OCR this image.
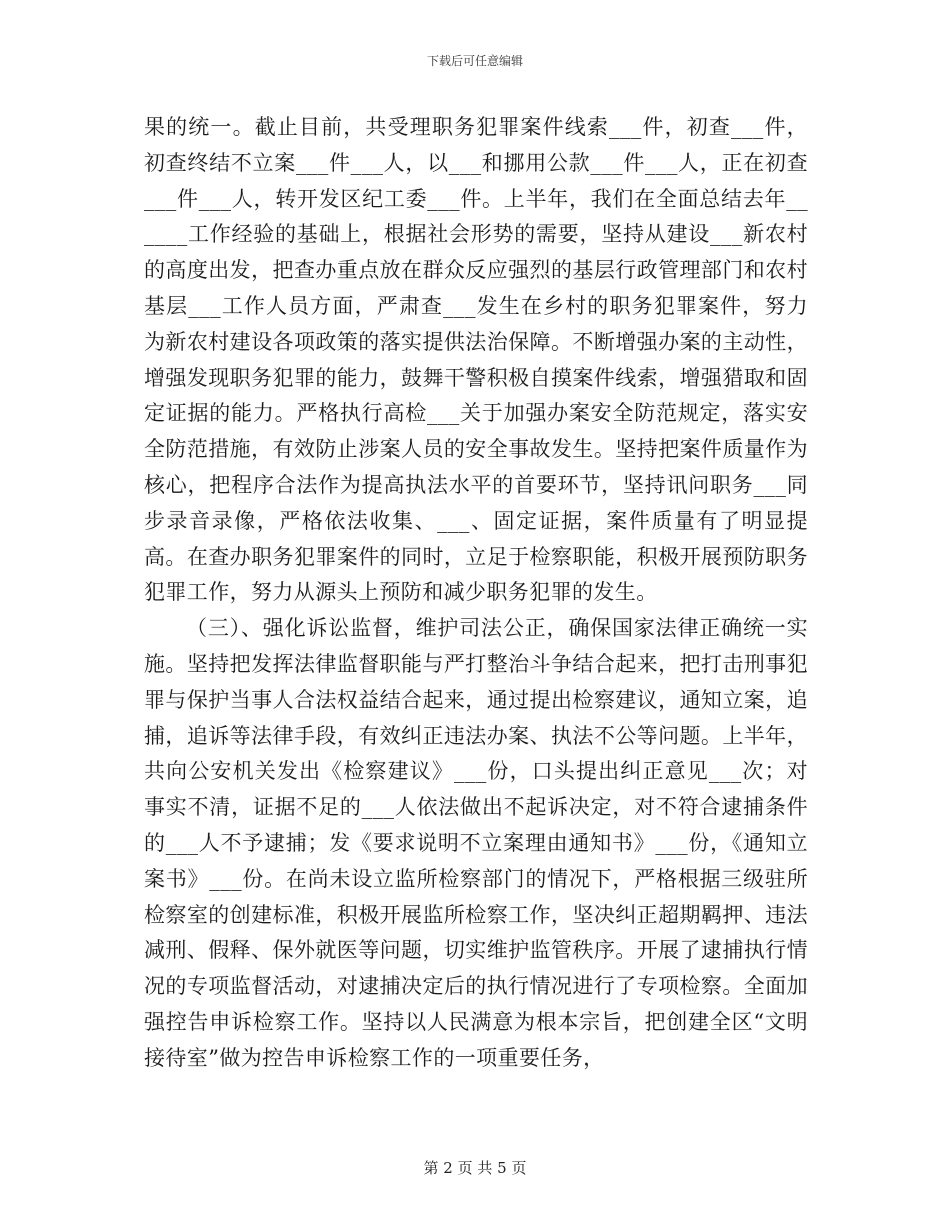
下载后可任意编辑

果的统一。截止目前，共受理职务犯罪案件线索___件，初查___件，初查终结不立案___件___人，以___和挪用公款___件___人，正在初查___件___人，转开发区纪工委___件。上半年，我们在全面总结去年______工作经验的基础上，根据社会形势的需要，坚持从建设___新农村的高度出发，把查办重点放在群众反应强烈的基层行政管理部门和农村基层___工作人员方面，严肃查___发生在乡村的职务犯罪案件，努力为新农村建设各项政策的落实提供法治保障。不断增强办案的主动性，增强发现职务犯罪的能力，鼓舞干警积极自摸案件线索，增强猎取和固定证据的能力。严格执行高检___关于加强办案安全防范规定，落实安全防范措施，有效防止涉案人员的安全事故发生。坚持把案件质量作为核心，把程序合法作为提高执法水平的首要环节，坚持讯问职务___同步录音录像，严格依法收集、___、固定证据，案件质量有了明显提高。在查办职务犯罪案件的同时，立足于检察职能，积极开展预防职务犯罪工作，努力从源头上预防和减少职务犯罪的发生。

（三）、强化诉讼监督，维护司法公正，确保国家法律正确统一实施。坚持把发挥法律监督职能与严打整治斗争结合起来，把打击刑事犯罪与保护当事人合法权益结合起来，通过提出检察建议，通知立案，追捕，追诉等法律手段，有效纠正违法办案、执法不公等问题。上半年，共向公安机关发出《检察建议》___份，口头提出纠正意见___次；对事实不清，证据不足的___人依法做出不起诉决定，对不符合逮捕条件的___人不予逮捕；发《要求说明不立案理由通知书》___份，《通知立案书》___份。在尚未设立监所检察部门的情况下，严格根据三级驻所检察室的创建标准，积极开展监所检察工作，坚决纠正超期羁押、违法减刑、假释、保外就医等问题，切实维护监管秩序。开展了逮捕执行情况的专项监督活动，对逮捕决定后的执行情况进行了专项检察。全面加强控告申诉检察工作。坚持以人民满意为根本宗旨，把创建全区“文明接待室”做为控告申诉检察工作的一项重要任务，

第 2 页 共 5 页
